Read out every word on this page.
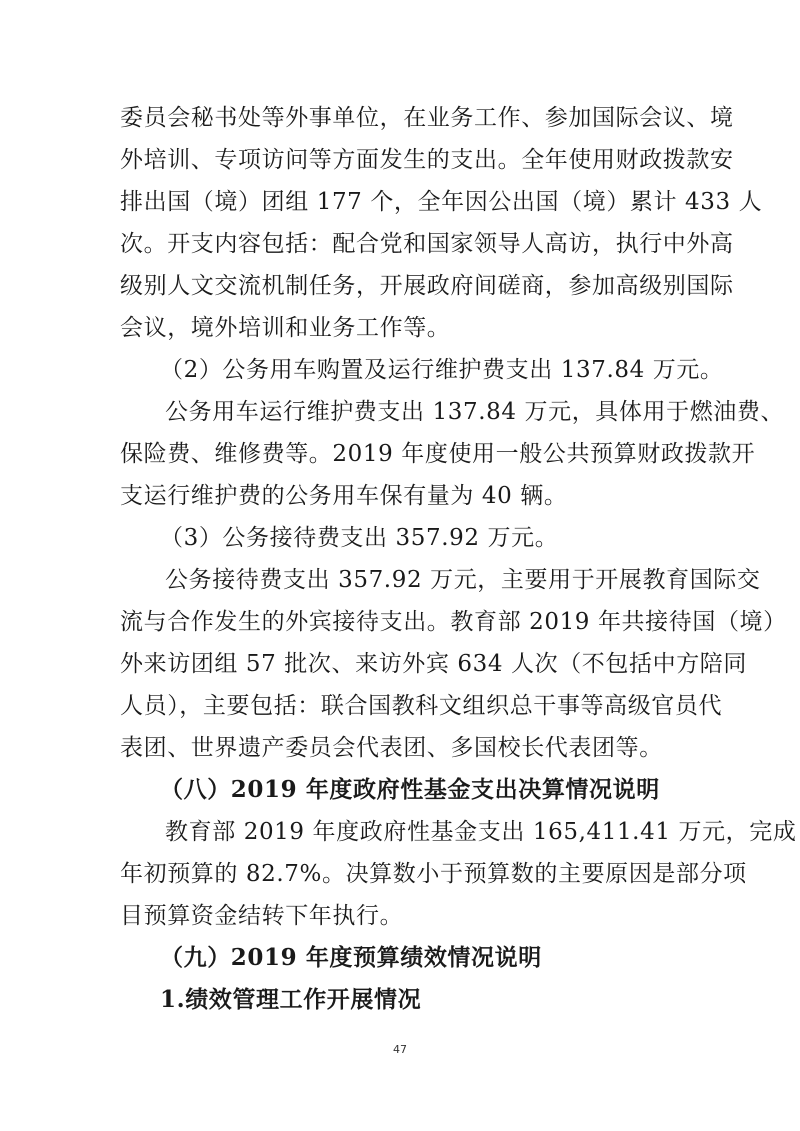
委员会秘书处等外事单位，在业务工作、参加国际会议、境
外培训、专项访问等方面发生的支出。全年使用财政拨款安
排出国（境）团组 177 个，全年因公出国（境）累计 433 人
次。开支内容包括：配合党和国家领导人高访，执行中外高
级别人文交流机制任务，开展政府间磋商，参加高级别国际
会议，境外培训和业务工作等。
（2）公务用车购置及运行维护费支出 137.84 万元。
公务用车运行维护费支出 137.84 万元，具体用于燃油费、
保险费、维修费等。2019 年度使用一般公共预算财政拨款开
支运行维护费的公务用车保有量为 40 辆。
（3）公务接待费支出 357.92 万元。
公务接待费支出 357.92 万元，主要用于开展教育国际交
流与合作发生的外宾接待支出。教育部 2019 年共接待国（境）
外来访团组 57 批次、来访外宾 634 人次（不包括中方陪同
人员），主要包括：联合国教科文组织总干事等高级官员代
表团、世界遗产委员会代表团、多国校长代表团等。
（八）2019 年度政府性基金支出决算情况说明
教育部 2019 年度政府性基金支出 165,411.41 万元，完成
年初预算的 82.7%。决算数小于预算数的主要原因是部分项
目预算资金结转下年执行。
（九）2019 年度预算绩效情况说明
1.绩效管理工作开展情况
47
